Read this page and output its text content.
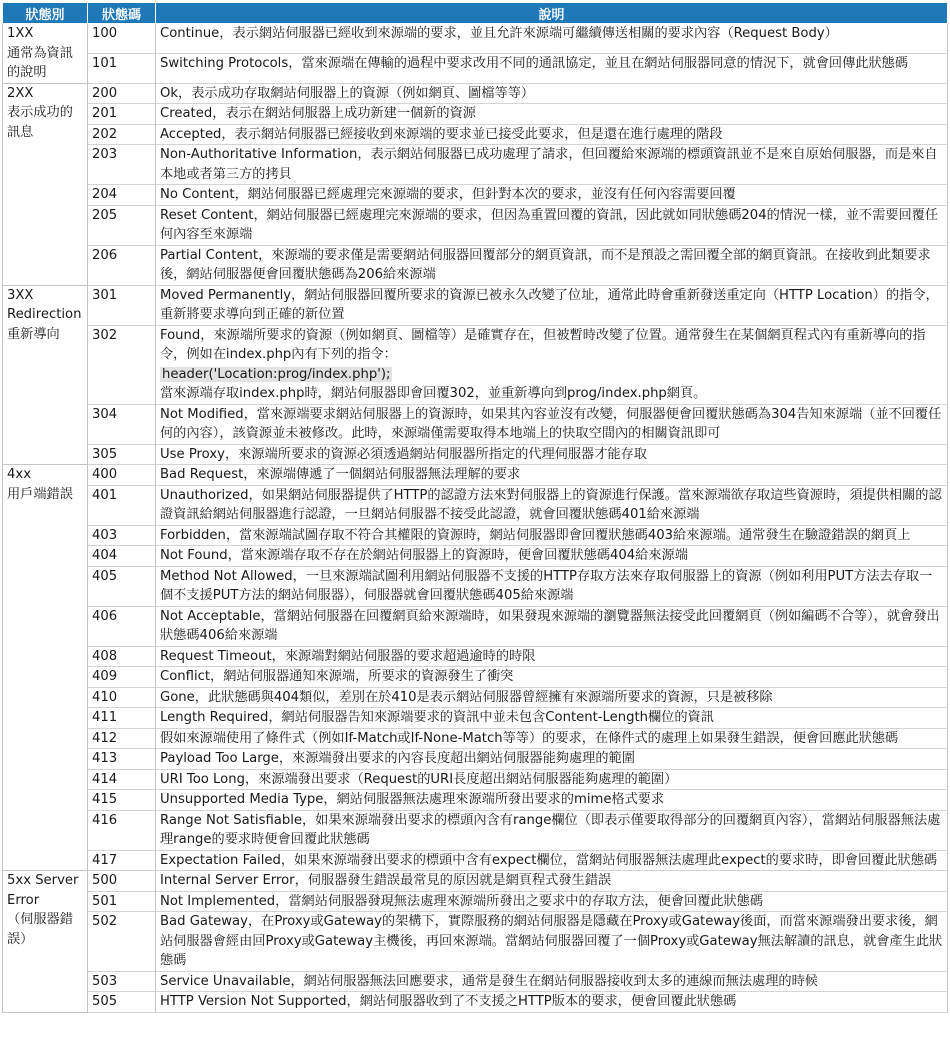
狀態別	狀態碼	說明
1XX
通常為資訊的說明	100	Continue，表示網站伺服器已經收到來源端的要求，並且允許來源端可繼續傳送相關的要求內容（Request Body）
	101	Switching Protocols，當來源端在傳輸的過程中要求改用不同的通訊協定，並且在網站伺服器同意的情況下，就會回傳此狀態碼
2XX
表示成功的訊息	200	Ok，表示成功存取網站伺服器上的資源（例如網頁、圖檔等等）
	201	Created，表示在網站伺服器上成功新建一個新的資源
	202	Accepted，表示網站伺服器已經接收到來源端的要求並已接受此要求，但是還在進行處理的階段
	203	Non-Authoritative Information，表示網站伺服器已成功處理了請求，但回覆給來源端的標頭資訊並不是來自原始伺服器，而是來自本地或者第三方的拷貝
	204	No Content，網站伺服器已經處理完來源端的要求，但針對本次的要求，並沒有任何內容需要回覆
	205	Reset Content，網站伺服器已經處理完來源端的要求，但因為重置回覆的資訊，因此就如同狀態碼204的情況一樣，並不需要回覆任何內容至來源端
	206	Partial Content，來源端的要求僅是需要網站伺服器回覆部分的網頁資訊，而不是預設之需回覆全部的網頁資訊。在接收到此類要求後，網站伺服器便會回覆狀態碼為206給來源端
3XX
Redirection
重新導向	301	Moved Permanently，網站伺服器回覆所要求的資源已被永久改變了位址，通常此時會重新發送重定向（HTTP Location）的指令，重新將要求導向到正確的新位置
	302	Found，來源端所要求的資源（例如網頁、圖檔等）是確實存在，但被暫時改變了位置。通常發生在某個網頁程式內有重新導向的指令，例如在index.php內有下列的指令：
header('Location:prog/index.php');
當來源端存取index.php時，網站伺服器即會回覆302，並重新導向到prog/index.php網頁。
	304	Not Modified，當來源端要求網站伺服器上的資源時，如果其內容並沒有改變，伺服器便會回覆狀態碼為304告知來源端（並不回覆任何的內容），該資源並未被修改。此時，來源端僅需要取得本地端上的快取空間內的相關資訊即可
	305	Use Proxy，來源端所要求的資源必須透過網站伺服器所指定的代理伺服器才能存取
4xx
用戶端錯誤	400	Bad Request，來源端傳遞了一個網站伺服器無法理解的要求
	401	Unauthorized，如果網站伺服器提供了HTTP的認證方法來對伺服器上的資源進行保護。當來源端欲存取這些資源時，須提供相關的認證資訊給網站伺服器進行認證，一旦網站伺服器不接受此認證，就會回覆狀態碼401給來源端
	403	Forbidden，當來源端試圖存取不符合其權限的資源時，網站伺服器即會回覆狀態碼403給來源端。通常發生在驗證錯誤的網頁上
	404	Not Found，當來源端存取不存在於網站伺服器上的資源時，便會回覆狀態碼404給來源端
	405	Method Not Allowed，一旦來源端試圖利用網站伺服器不支援的HTTP存取方法來存取伺服器上的資源（例如利用PUT方法去存取一個不支援PUT方法的網站伺服器），伺服器就會回覆狀態碼405給來源端
	406	Not Acceptable，當網站伺服器在回覆網頁給來源端時，如果發現來源端的瀏覽器無法接受此回覆網頁（例如編碼不合等），就會發出狀態碼406給來源端
	408	Request Timeout，來源端對網站伺服器的要求超過逾時的時限
	409	Conflict，網站伺服器通知來源端，所要求的資源發生了衝突
	410	Gone，此狀態碼與404類似，差別在於410是表示網站伺服器曾經擁有來源端所要求的資源，只是被移除
	411	Length Required，網站伺服器告知來源端要求的資訊中並未包含Content-Length欄位的資訊
	412	假如來源端使用了條件式（例如If-Match或If-None-Match等等）的要求，在條件式的處理上如果發生錯誤，便會回應此狀態碼
	413	Payload Too Large，來源端發出要求的內容長度超出網站伺服器能夠處理的範圍
	414	URI Too Long，來源端發出要求（Request的URI長度超出網站伺服器能夠處理的範圍）
	415	Unsupported Media Type，網站伺服器無法處理來源端所發出要求的mime格式要求
	416	Range Not Satisfiable，如果來源端發出要求的標頭內含有range欄位（即表示僅要取得部分的回覆網頁內容），當網站伺服器無法處理range的要求時便會回覆此狀態碼
	417	Expectation Failed，如果來源端發出要求的標頭中含有expect欄位，當網站伺服器無法處理此expect的要求時，即會回覆此狀態碼
5xx Server Error
（伺服器錯誤）	500	Internal Server Error，伺服器發生錯誤最常見的原因就是網頁程式發生錯誤
	501	Not Implemented，當網站伺服器發現無法處理來源端所發出之要求中的存取方法，便會回覆此狀態碼
	502	Bad Gateway，在Proxy或Gateway的架構下，實際服務的網站伺服器是隱藏在Proxy或Gateway後面，而當來源端發出要求後，網站伺服器會經由回Proxy或Gateway主機後，再回來源端。當網站伺服器回覆了一個Proxy或Gateway無法解讀的訊息，就會產生此狀態碼
	503	Service Unavailable，網站伺服器無法回應要求，通常是發生在網站伺服器接收到太多的連線而無法處理的時候
	505	HTTP Version Not Supported，網站伺服器收到了不支援之HTTP版本的要求，便會回覆此狀態碼
